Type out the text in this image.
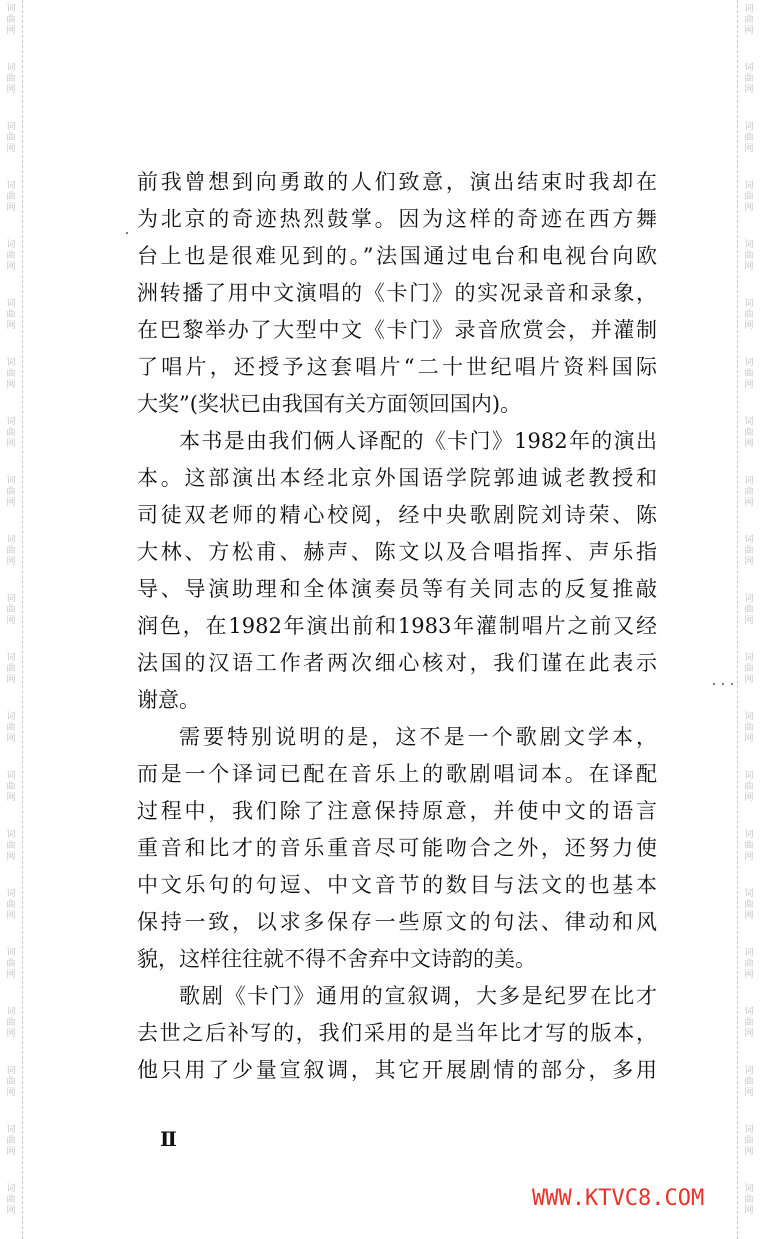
词
曲
网
词
曲
网
词
曲
网
词
曲
网
词
曲
网
词
曲
网
词
曲
网
词
曲
网
词
曲
网
词
曲
网
词
曲
网
词
曲
网
词
曲
网
词
曲
网
词
曲
网
词
曲
网
词
曲
网
词
曲
网
词
曲
网
词
曲
网
词
曲
网
词
曲
网
词
曲
网
词
曲
网
词
曲
网
词
曲
网
词
曲
网
词
曲
网
词
曲
网
词
曲
网
词
曲
网
词
曲
网
词
曲
网
词
曲
网
词
曲
网
词
曲
网
词
曲
网
词
曲
网
词
曲
网
词
曲
网
词
曲
网
词
曲
网

前我曾想到向勇敢的人们致意，演出结束时我却在

为北京的奇迹热烈鼓掌。因为这样的奇迹在西方舞

台上也是很难见到的。”法国通过电台和电视台向欧

洲转播了用中文演唱的《卡门》的实况录音和录象，

在巴黎举办了大型中文《卡门》录音欣赏会，并灌制

了唱片，还授予这套唱片“二十世纪唱片资料国际

大奖”(奖状已由我国有关方面领回国内)。

本书是由我们俩人译配的《卡门》1982年的演出

本。这部演出本经北京外国语学院郭迪诚老教授和

司徒双老师的精心校阅，经中央歌剧院刘诗荣、陈

大林、方松甫、赫声、陈文以及合唱指挥、声乐指

导、导演助理和全体演奏员等有关同志的反复推敲

润色，在1982年演出前和1983年灌制唱片之前又经

法国的汉语工作者两次细心核对，我们谨在此表示

谢意。

需要特别说明的是，这不是一个歌剧文学本，

而是一个译词已配在音乐上的歌剧唱词本。在译配

过程中，我们除了注意保持原意，并使中文的语言

重音和比才的音乐重音尽可能吻合之外，还努力使

中文乐句的句逗、中文音节的数目与法文的也基本

保持一致，以求多保存一些原文的句法、律动和风

貌，这样往往就不得不舍弃中文诗韵的美。

歌剧《卡门》通用的宣叙调，大多是纪罗在比才

去世之后补写的，我们采用的是当年比才写的版本，

他只用了少量宣叙调，其它开展剧情的部分，多用

Ⅱ
WWW.KTVC8.COM
